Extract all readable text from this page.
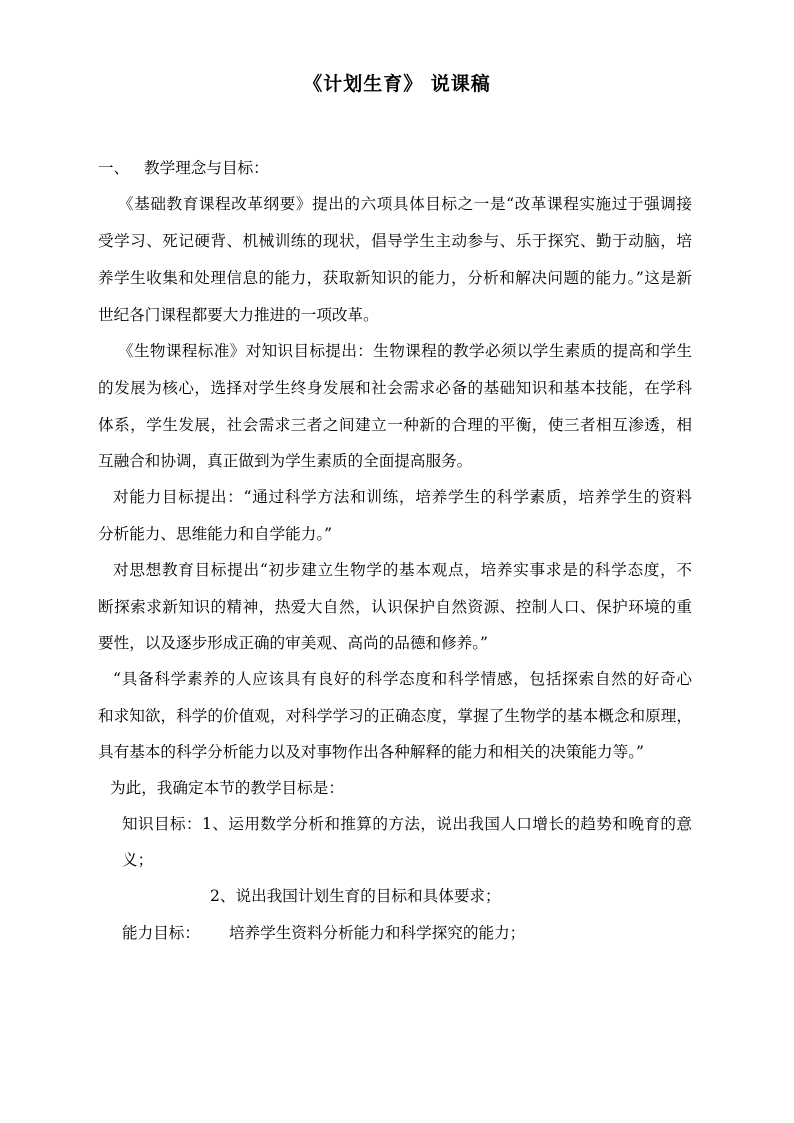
《计划生育》 说课稿
一、 教学理念与目标：
《基础教育课程改革纲要》提出的六项具体目标之一是“改革课程实施过于强调接
受学习、死记硬背、机械训练的现状，倡导学生主动参与、乐于探究、勤于动脑，培
养学生收集和处理信息的能力，获取新知识的能力，分析和解决问题的能力。”这是新
世纪各门课程都要大力推进的一项改革。
《生物课程标准》对知识目标提出：生物课程的教学必须以学生素质的提高和学生
的发展为核心，选择对学生终身发展和社会需求必备的基础知识和基本技能，在学科
体系，学生发展，社会需求三者之间建立一种新的合理的平衡，使三者相互渗透，相
互融合和协调，真正做到为学生素质的全面提高服务。
对能力目标提出：“通过科学方法和训练，培养学生的科学素质，培养学生的资料
分析能力、思维能力和自学能力。”
对思想教育目标提出“初步建立生物学的基本观点，培养实事求是的科学态度，不
断探索求新知识的精神，热爱大自然，认识保护自然资源、控制人口、保护环境的重
要性，以及逐步形成正确的审美观、高尚的品德和修养。”
“具备科学素养的人应该具有良好的科学态度和科学情感，包括探索自然的好奇心
和求知欲，科学的价值观，对科学学习的正确态度，掌握了生物学的基本概念和原理，
具有基本的科学分析能力以及对事物作出各种解释的能力和相关的决策能力等。”
为此，我确定本节的教学目标是：
知识目标：1、运用数学分析和推算的方法，说出我国人口增长的趋势和晚育的意
义；
2、说出我国计划生育的目标和具体要求；
能力目标： 培养学生资料分析能力和科学探究的能力；
